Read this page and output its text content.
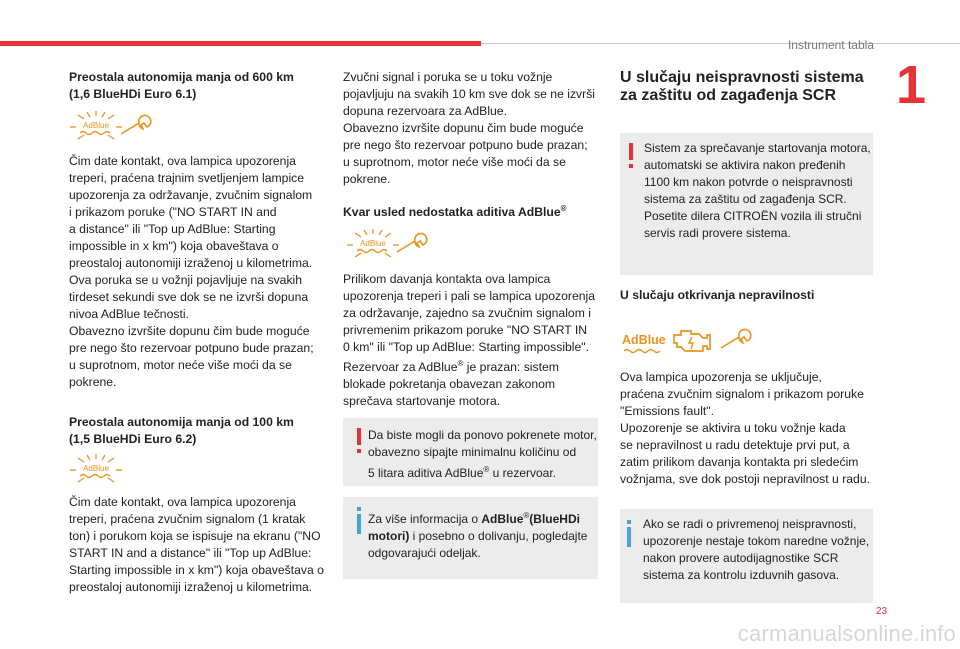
Instrument tabla
1
23
carmanualsonline.info
Preostala autonomija manja od 600 km
(1,6 BlueHDi Euro 6.1)
AdBlue
Čim date kontakt, ova lampica upozorenja
treperi, praćena trajnim svetljenjem lampice
upozorenja za održavanje, zvučnim signalom
i prikazom poruke ("NO START IN and
a distance" ili "Top up AdBlue: Starting
impossible in x km") koja obaveštava o
preostaloj autonomiji izraženoj u kilometrima.
Ova poruka se u vožnji pojavljuje na svakih
tirdeset sekundi sve dok se ne izvrši dopuna
nivoa AdBlue tečnosti.
Obavezno izvršite dopunu čim bude moguće
pre nego što rezervoar potpuno bude prazan;
u suprotnom, motor neće više moći da se
pokrene.
Preostala autonomija manja od 100 km
(1,5 BlueHDi Euro 6.2)
AdBlue
Čim date kontakt, ova lampica upozorenja
treperi, praćena zvučnim signalom (1 kratak
ton) i porukom koja se ispisuje na ekranu ("NO
START IN and a distance" ili "Top up AdBlue:
Starting impossible in x km") koja obaveštava o
preostaloj autonomiji izraženoj u kilometrima.
Zvučni signal i poruka se u toku vožnje
pojavljuju na svakih 10 km sve dok se ne izvrši
dopuna rezervoara za AdBlue.
Obavezno izvršite dopunu čim bude moguće
pre nego što rezervoar potpuno bude prazan;
u suprotnom, motor neće više moći da se
pokrene.
Kvar usled nedostatka aditiva AdBlue®
AdBlue
Prilikom davanja kontakta ova lampica
upozorenja treperi i pali se lampica upozorenja
za održavanje, zajedno sa zvučnim signalom i
privremenim prikazom poruke "NO START IN
0 km" ili "Top up AdBlue: Starting impossible".
Rezervoar za AdBlue® je prazan: sistem
blokade pokretanja obavezan zakonom
sprečava startovanje motora.
Da biste mogli da ponovo pokrenete motor,
obavezno sipajte minimalnu količinu od
5 litara aditiva AdBlue® u rezervoar.
Za više informacija o AdBlue®(BlueHDi
motori) i posebno o dolivanju, pogledajte
odgovarajući odeljak.
U slučaju neispravnosti sistema
za zaštitu od zagađenja SCR
Sistem za sprečavanje startovanja motora,
automatski se aktivira nakon pređenih
1100 km nakon potvrde o neispravnosti
sistema za zaštitu od zagađenja SCR.
Posetite dilera CITROËN vozila ili stručni
servis radi provere sistema.
U slučaju otkrivanja nepravilnosti
AdBlue
Ova lampica upozorenja se uključuje,
praćena zvučnim signalom i prikazom poruke
"Emissions fault".
Upozorenje se aktivira u toku vožnje kada
se nepravilnost u radu detektuje prvi put, a
zatim prilikom davanja kontakta pri sledećim
vožnjama, sve dok postoji nepravilnost u radu.
Ako se radi o privremenoj neispravnosti,
upozorenje nestaje tokom naredne vožnje,
nakon provere autodijagnostike SCR
sistema za kontrolu izduvnih gasova.
